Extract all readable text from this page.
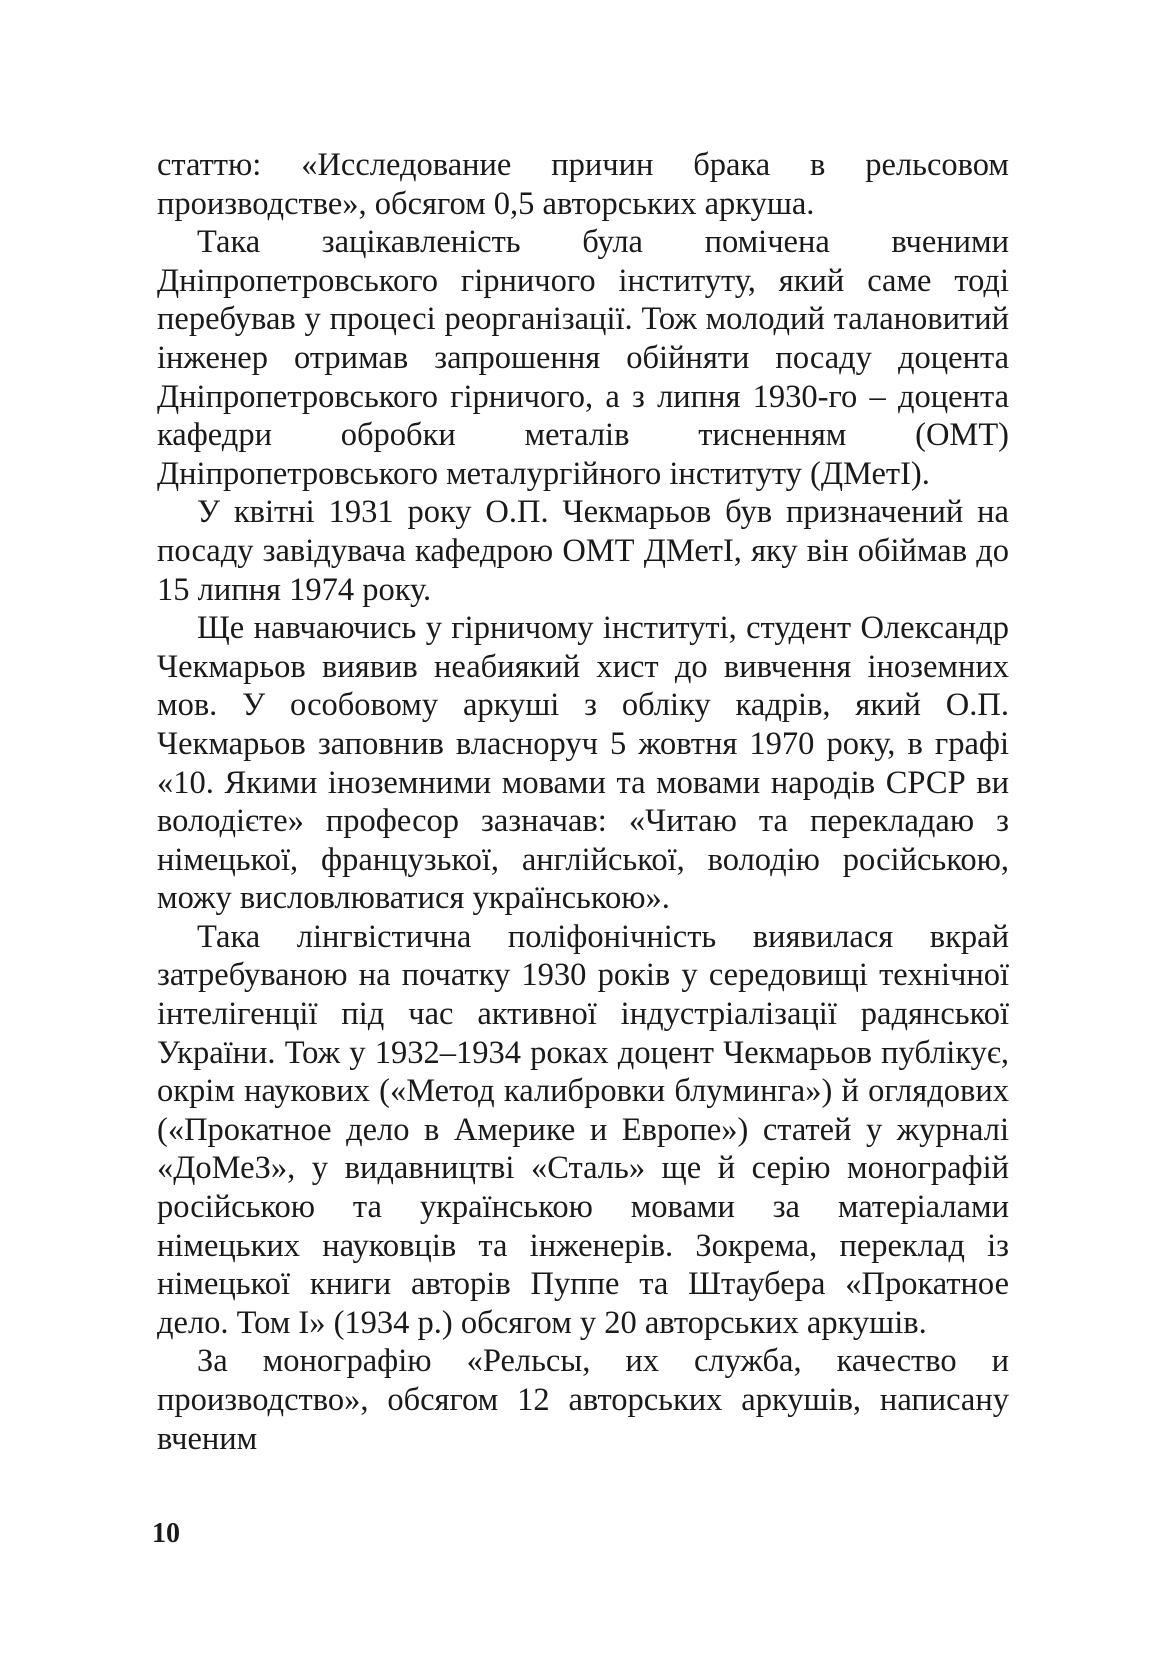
статтю: «Исследование причин брака в рельсовом производстве», обсягом 0,5 авторських аркуша.

Така зацікавленість була помічена вченими Дніпропетровського гірничого інституту, який саме тоді перебував у процесі реорганізації. Тож молодий талановитий інженер отримав запрошення обійняти посаду доцента Дніпропетровського гірничого, а з липня 1930-го – доцента кафедри обробки металів тисненням (ОМТ) Дніпропетровського металургійного інституту (ДМетІ).

У квітні 1931 року О.П. Чекмарьов був призначений на посаду завідувача кафедрою ОМТ ДМетІ, яку він обіймав до 15 липня 1974 року.

Ще навчаючись у гірничому інституті, студент Олександр Чекмарьов виявив неабиякий хист до вивчення іноземних мов. У особовому аркуші з обліку кадрів, який О.П. Чекмарьов заповнив власноруч 5 жовтня 1970 року, в графі «10. Якими іноземними мовами та мовами народів СРСР ви володієте» професор зазначав: «Читаю та перекладаю з німецької, французької, англійської, володію російською, можу висловлюватися українською».

Така лінгвістична поліфонічність виявилася вкрай затребуваною на початку 1930 років у середовищі технічної інтелігенції під час активної індустріалізації радянської України. Тож у 1932–1934 роках доцент Чекмарьов публікує, окрім наукових («Метод калибровки блуминга») й оглядових («Прокатное дело в Америке и Европе») статей у журналі «ДоМеЗ», у видавництві «Сталь» ще й серію монографій російською та українською мовами за матеріалами німецьких науковців та інженерів. Зокрема, переклад із німецької книги авторів Пуппе та Штаубера «Прокатное дело. Том I» (1934 р.) обсягом у 20 авторських аркушів.

За монографію «Рельсы, их служба, качество и производство», обсягом 12 авторських аркушів, написану вченим

10
